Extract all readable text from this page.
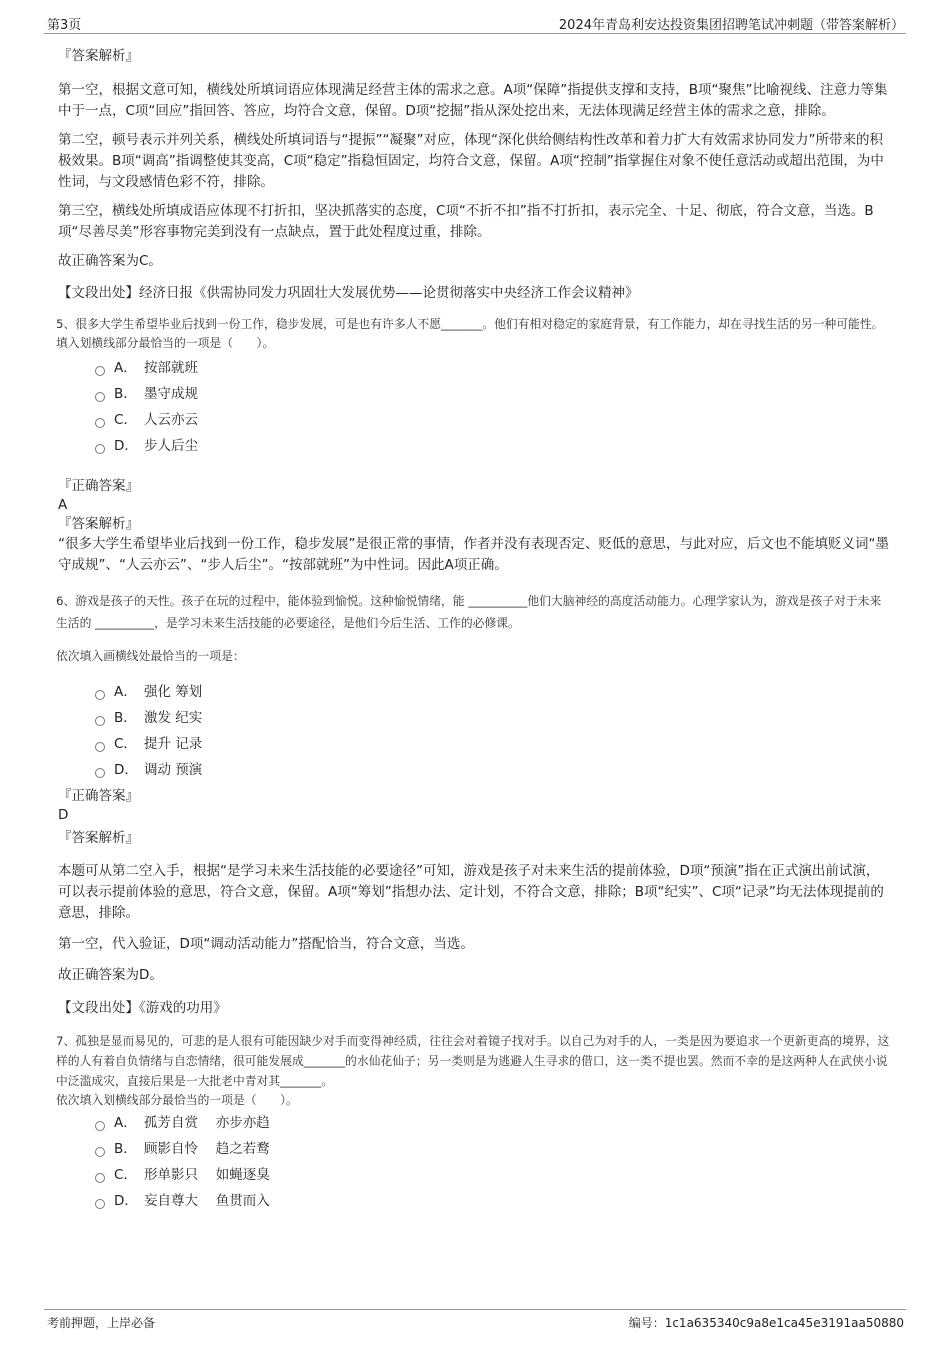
第3页	2024年青岛利安达投资集团招聘笔试冲刺题（带答案解析）

『答案解析』

第一空，根据文意可知，横线处所填词语应体现满足经营主体的需求之意。A项“保障”指提供支撑和支持，B项“聚焦”比喻视线、注意力等集中于一点，C项“回应”指回答、答应，均符合文意，保留。D项“挖掘”指从深处挖出来，无法体现满足经营主体的需求之意，排除。

第二空，顿号表示并列关系，横线处所填词语与“提振”“凝聚”对应，体现“深化供给侧结构性改革和着力扩大有效需求协同发力”所带来的积极效果。B项“调高”指调整使其变高，C项“稳定”指稳恒固定，均符合文意，保留。A项“控制”指掌握住对象不使任意活动或超出范围，为中性词，与文段感情色彩不符，排除。

第三空，横线处所填成语应体现不打折扣，坚决抓落实的态度，C项“不折不扣”指不打折扣，表示完全、十足、彻底，符合文意，当选。B项“尽善尽美”形容事物完美到没有一点缺点，置于此处程度过重，排除。

故正确答案为C。

【文段出处】经济日报《供需协同发力巩固壮大发展优势——论贯彻落实中央经济工作会议精神》

5、很多大学生希望毕业后找到一份工作，稳步发展，可是也有许多人不愿_______。他们有相对稳定的家庭背景，有工作能力，却在寻找生活的另一种可能性。

填入划横线部分最恰当的一项是（　　）。

A． 按部就班
B． 墨守成规
C． 人云亦云
D． 步人后尘

『正确答案』

A

『答案解析』

“很多大学生希望毕业后找到一份工作，稳步发展”是很正常的事情，作者并没有表现否定、贬低的意思，与此对应，后文也不能填贬义词“墨守成规”、“人云亦云”、“步人后尘”。“按部就班”为中性词。因此A项正确。

6、游戏是孩子的天性。孩子在玩的过程中，能体验到愉悦。这种愉悦情绪，能 __________他们大脑神经的高度活动能力。心理学家认为，游戏是孩子对于未来生活的 __________，是学习未来生活技能的必要途径，是他们今后生活、工作的必修课。

依次填入画横线处最恰当的一项是：

A． 强化 筹划
B． 激发 纪实
C． 提升 记录
D． 调动 预演

『正确答案』

D

『答案解析』

本题可从第二空入手，根据“是学习未来生活技能的必要途径”可知，游戏是孩子对未来生活的提前体验，D项“预演”指在正式演出前试演，可以表示提前体验的意思，符合文意，保留。A项“筹划”指想办法、定计划，不符合文意，排除；B项“纪实”、C项“记录”均无法体现提前的意思，排除。

第一空，代入验证，D项“调动活动能力”搭配恰当，符合文意，当选。

故正确答案为D。

【文段出处】《游戏的功用》

7、孤独是显而易见的，可悲的是人很有可能因缺少对手而变得神经质，往往会对着镜子找对手。以自己为对手的人，一类是因为要追求一个更新更高的境界，这样的人有着自负情绪与自恋情绪，很可能发展成_______的水仙花仙子；另一类则是为逃避人生寻求的借口，这一类不提也罢。然而不幸的是这两种人在武侠小说中泛滥成灾，直接后果是一大批老中青对其_______。

依次填入划横线部分最恰当的一项是（　　）。

A． 孤芳自赏　 亦步亦趋
B． 顾影自怜　 趋之若鹜
C． 形单影只　 如蝇逐臭
D． 妄自尊大　 鱼贯而入
考前押题，上岸必备	编号：1c1a635340c9a8e1ca45e3191aa50880
